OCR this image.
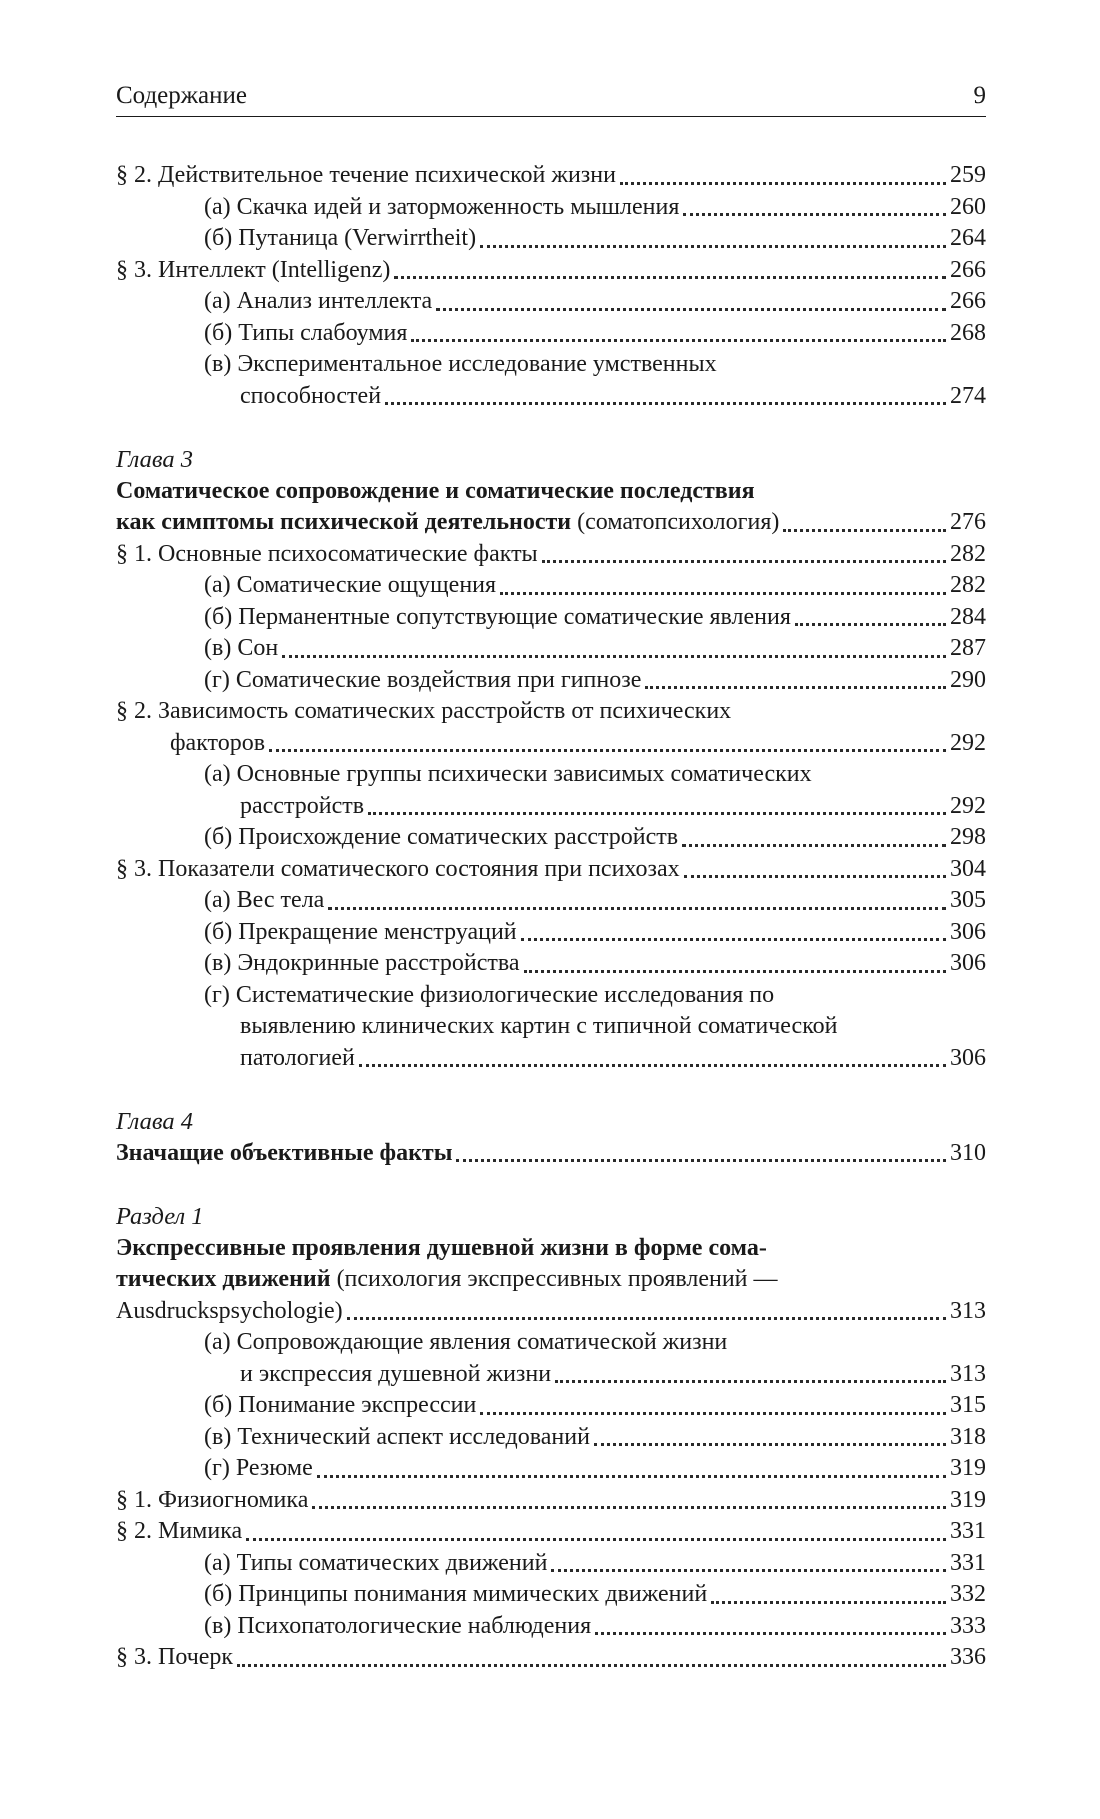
Содержание	9
§ 2. Действительное течение психической жизни	259
(а) Скачка идей и заторможенность мышления	260
(б) Путаница (Verwirrtheit)	264
§ 3. Интеллект (Intelligenz)	266
(а) Анализ интеллекта	266
(б) Типы слабоумия	268
(в) Экспериментальное исследование умственных
способностей	274
Глава 3
Соматическое сопровождение и соматические последствия
как симптомы психической деятельности (соматопсихология)	276
§ 1. Основные психосоматические факты	282
(а) Соматические ощущения	282
(б) Перманентные сопутствующие соматические явления	284
(в) Сон	287
(г) Соматические воздействия при гипнозе	290
§ 2. Зависимость соматических расстройств от психических
факторов	292
(а) Основные группы психически зависимых соматических
расстройств	292
(б) Происхождение соматических расстройств	298
§ 3. Показатели соматического состояния при психозах	304
(а) Вес тела	305
(б) Прекращение менструаций	306
(в) Эндокринные расстройства	306
(г) Систематические физиологические исследования по
выявлению клинических картин с типичной соматической
патологией	306
Глава 4
Значащие объективные факты	310
Раздел 1
Экспрессивные проявления душевной жизни в форме сома-
тических движений (психология экспрессивных проявлений —
Ausdruckspsychologie)	313
(а) Сопровождающие явления соматической жизни
и экспрессия душевной жизни	313
(б) Понимание экспрессии	315
(в) Технический аспект исследований	318
(г) Резюме	319
§ 1. Физиогномика	319
§ 2. Мимика	331
(а) Типы соматических движений	331
(б) Принципы понимания мимических движений	332
(в) Психопатологические наблюдения	333
§ 3. Почерк	336
